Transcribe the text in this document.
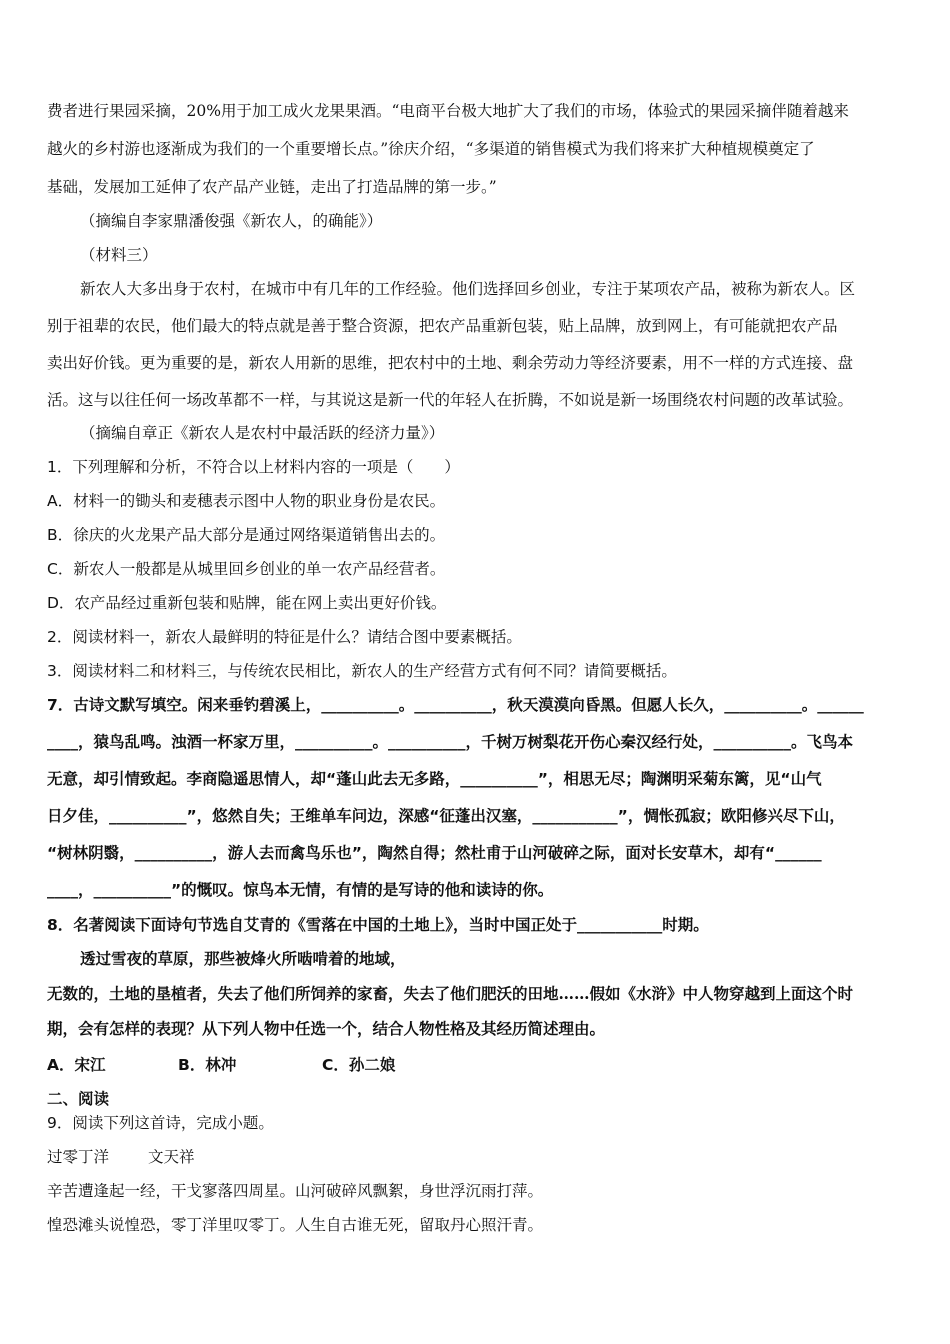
费者进行果园采摘，20%用于加工成火龙果果酒。“电商平台极大地扩大了我们的市场，体验式的果园采摘伴随着越来
越火的乡村游也逐渐成为我们的一个重要增长点。”徐庆介绍，“多渠道的销售模式为我们将来扩大种植规模奠定了
基础，发展加工延伸了农产品产业链，走出了打造品牌的第一步。”
（摘编自李家鼎潘俊强《新农人，的确能》）
（材料三）
新农人大多出身于农村，在城市中有几年的工作经验。他们选择回乡创业，专注于某项农产品，被称为新农人。区
别于祖辈的农民，他们最大的特点就是善于整合资源，把农产品重新包装，贴上品牌，放到网上，有可能就把农产品
卖出好价钱。更为重要的是，新农人用新的思维，把农村中的土地、剩余劳动力等经济要素，用不一样的方式连接、盘
活。这与以往任何一场改革都不一样，与其说这是新一代的年轻人在折腾，不如说是新一场围绕农村问题的改革试验。
（摘编自章正《新农人是农村中最活跃的经济力量》）
1．下列理解和分析，不符合以上材料内容的一项是（　　）
A．材料一的锄头和麦穗表示图中人物的职业身份是农民。
B．徐庆的火龙果产品大部分是通过网络渠道销售出去的。
C．新农人一般都是从城里回乡创业的单一农产品经营者。
D．农产品经过重新包装和贴牌，能在网上卖出更好价钱。
2．阅读材料一，新农人最鲜明的特征是什么？请结合图中要素概括。
3．阅读材料二和材料三，与传统农民相比，新农人的生产经营方式有何不同？请简要概括。
7．古诗文默写填空。闲来垂钓碧溪上，__________。__________，秋天漠漠向昏黑。但愿人长久，__________。______
____，猿鸟乱鸣。浊酒一杯家万里，__________。__________，千树万树梨花开伤心秦汉经行处，__________。飞鸟本
无意，却引情致起。李商隐遥思情人，却“蓬山此去无多路，__________”，相思无尽；陶渊明采菊东篱，见“山气
日夕佳，__________”，悠然自失；王维单车问边，深感“征蓬出汉塞，___________”，惆怅孤寂；欧阳修兴尽下山，
“树林阴翳，__________，游人去而禽鸟乐也”，陶然自得；然杜甫于山河破碎之际，面对长安草木，却有“______
____，__________”的慨叹。惊鸟本无情，有情的是写诗的他和读诗的你。
8．名著阅读下面诗句节选自艾青的《雪落在中国的土地上》，当时中国正处于___________时期。
透过雪夜的草原，那些被烽火所啮啃着的地域，
无数的，土地的垦植者，失去了他们所饲养的家畜，失去了他们肥沃的田地……假如《水浒》中人物穿越到上面这个时
期，会有怎样的表现？从下列人物中任选一个，结合人物性格及其经历简述理由。
A．宋江	B．林冲	C．孙二娘
二、阅读
9．阅读下列这首诗，完成小题。
过零丁洋	文天祥
辛苦遭逢起一经，干戈寥落四周星。山河破碎风飘絮，身世浮沉雨打萍。
惶恐滩头说惶恐，零丁洋里叹零丁。人生自古谁无死，留取丹心照汗青。
